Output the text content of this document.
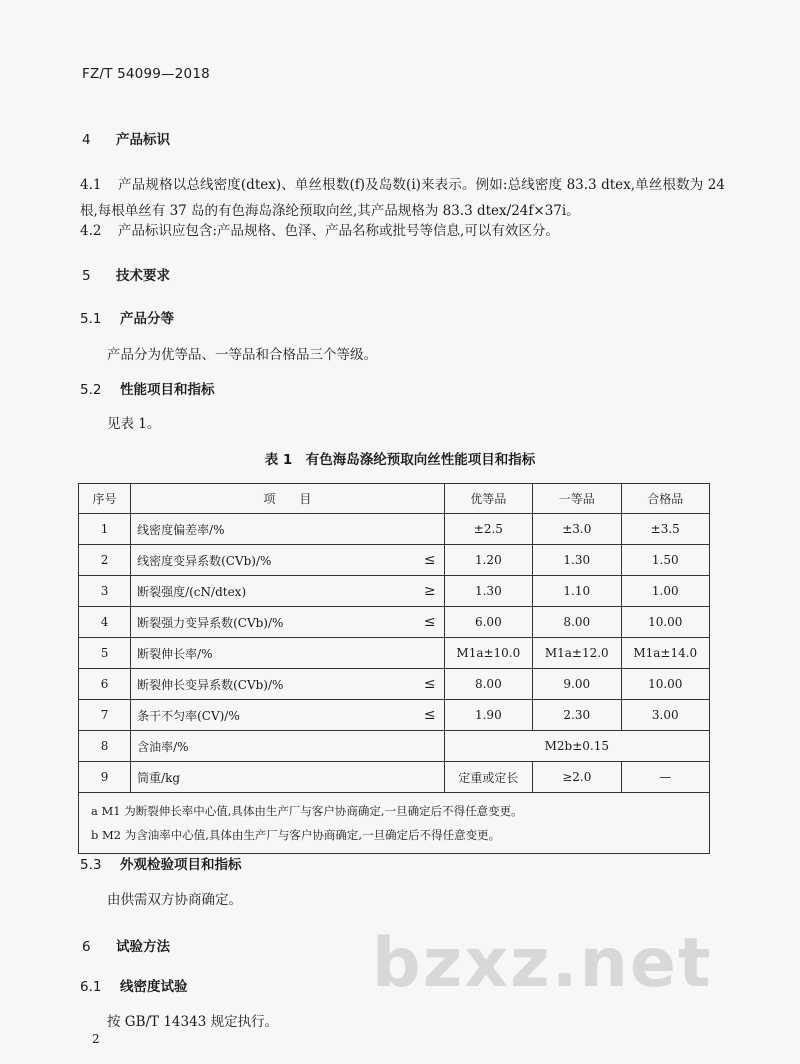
FZ/T 54099—2018
4 产品标识
4.1 产品规格以总线密度(dtex)、单丝根数(f)及岛数(i)来表示。例如:总线密度 83.3 dtex,单丝根数为 24 根,每根单丝有 37 岛的有色海岛涤纶预取向丝,其产品规格为 83.3 dtex/24f×37i。
4.2 产品标识应包含:产品规格、色泽、产品名称或批号等信息,可以有效区分。
5 技术要求
5.1 产品分等
产品分为优等品、一等品和合格品三个等级。
5.2 性能项目和指标
见表 1。
表 1　有色海岛涤纶预取向丝性能项目和指标
序号	项　　目	优等品	一等品	合格品
1	线密度偏差率/%	±2.5	±3.0	±3.5
2	线密度变异系数(CVb)/% ≤	1.20	1.30	1.50
3	断裂强度/(cN/dtex) ≥	1.30	1.10	1.00
4	断裂强力变异系数(CVb)/% ≤	6.00	8.00	10.00
5	断裂伸长率/%	M1a±10.0	M1a±12.0	M1a±14.0
6	断裂伸长变异系数(CVb)/% ≤	8.00	9.00	10.00
7	条干不匀率(CV)/% ≤	1.90	2.30	3.00
8	含油率/%	M2b±0.15		
9	筒重/kg	定重或定长	≥2.0	—

a M1 为断裂伸长率中心值,具体由生产厂与客户协商确定,一旦确定后不得任意变更。
b M2 为含油率中心值,具体由生产厂与客户协商确定,一旦确定后不得任意变更。				
5.3 外观检验项目和指标
由供需双方协商确定。
6 试验方法
6.1 线密度试验
按 GB/T 14343 规定执行。
bzxz.net
2
